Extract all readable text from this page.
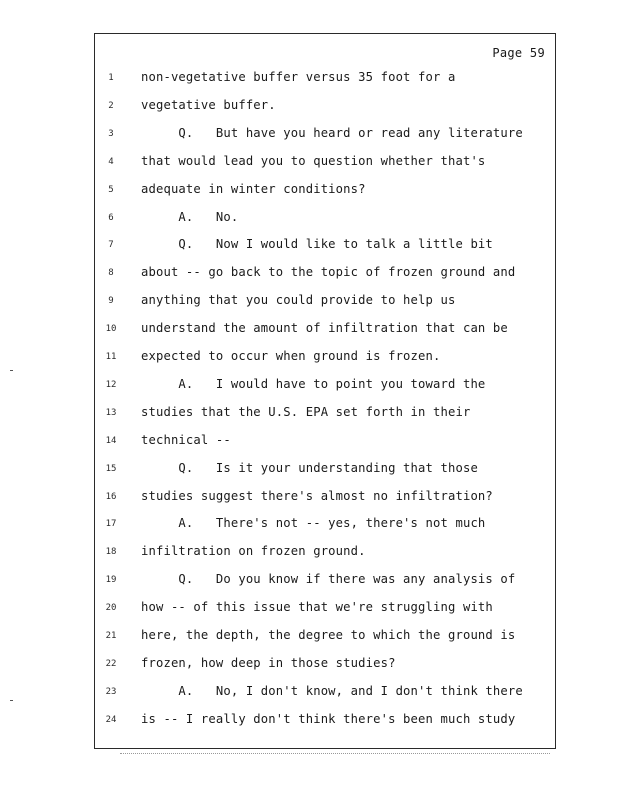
Page 59
1	non-vegetative buffer versus 35 foot for a
2	vegetative buffer.
3	Q.   But have you heard or read any literature
4	that would lead you to question whether that's
5	adequate in winter conditions?
6	A.   No.
7	Q.   Now I would like to talk a little bit
8	about -- go back to the topic of frozen ground and
9	anything that you could provide to help us
10	understand the amount of infiltration that can be
11	expected to occur when ground is frozen.
12	A.   I would have to point you toward the
13	studies that the U.S. EPA set forth in their
14	technical --
15	Q.   Is it your understanding that those
16	studies suggest there's almost no infiltration?
17	A.   There's not -- yes, there's not much
18	infiltration on frozen ground.
19	Q.   Do you know if there was any analysis of
20	how -- of this issue that we're struggling with
21	here, the depth, the degree to which the ground is
22	frozen, how deep in those studies?
23	A.   No, I don't know, and I don't think there
24	is -- I really don't think there's been much study
